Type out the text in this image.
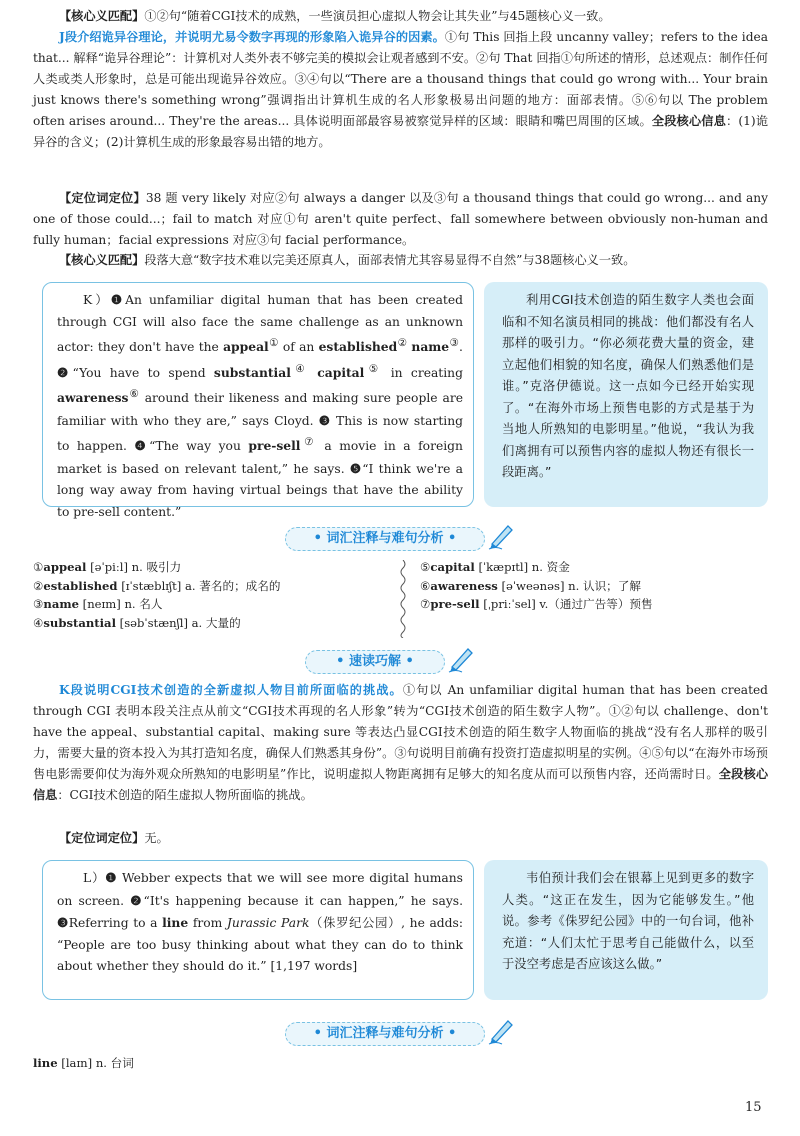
【核心义匹配】①②句“随着CGI技术的成熟，一些演员担心虚拟人物会让其失业”与45题核心义一致。
J段介绍诡异谷理论，并说明尤易令数字再现的形象陷入诡异谷的因素。①句 This 回指上段 uncanny valley；refers to the idea that... 解释“诡异谷理论”：计算机对人类外表不够完美的模拟会让观者感到不安。②句 That 回指①句所述的情形，总述观点：制作任何人类或类人形象时，总是可能出现诡异谷效应。③④句以“There are a thousand things that could go wrong with... Your brain just knows there's something wrong”强调指出计算机生成的名人形象极易出问题的地方：面部表情。⑤⑥句以 The problem often arises around... They're the areas... 具体说明面部最容易被察觉异样的区域：眼睛和嘴巴周围的区域。全段核心信息：(1)诡异谷的含义；(2)计算机生成的形象最容易出错的地方。
【定位词定位】38 题 very likely 对应②句 always a danger 以及③句 a thousand things that could go wrong... and any one of those could...；fail to match 对应①句 aren't quite perfect、fall somewhere between obviously non-human and fully human；facial expressions 对应③句 facial performance。
【核心义匹配】段落大意“数字技术难以完美还原真人，面部表情尤其容易显得不自然”与38题核心义一致。
K）❶An unfamiliar digital human that has been created through CGI will also face the same challenge as an unknown actor: they don't have the appeal① of an established② name③. ❷“You have to spend substantial④ capital⑤ in creating awareness⑥ around their likeness and making sure people are familiar with who they are,” says Cloyd. ❸ This is now starting to happen. ❹“The way you pre-sell⑦ a movie in a foreign market is based on relevant talent,” he says. ❺“I think we're a long way away from having virtual beings that have the ability to pre-sell content.”
利用CGI技术创造的陌生数字人类也会面临和不知名演员相同的挑战：他们都没有名人那样的吸引力。“你必须花费大量的资金，建立起他们相貌的知名度，确保人们熟悉他们是谁。”克洛伊德说。这一点如今已经开始实现了。“在海外市场上预售电影的方式是基于为当地人所熟知的电影明星。”他说，“我认为我们离拥有可以预售内容的虚拟人物还有很长一段距离。”
• 词汇注释与难句分析 •
①appeal [əˈpiːl] n. 吸引力
②established [ɪˈstæblɪʃt] a. 著名的；成名的
③name [neɪm] n. 名人
④substantial [səbˈstænʃl] a. 大量的
⑤capital [ˈkæpɪtl] n. 资金
⑥awareness [əˈweənəs] n. 认识；了解
⑦pre-sell [ˌpriːˈsel] v.（通过广告等）预售
• 速读巧解 •
K段说明CGI技术创造的全新虚拟人物目前所面临的挑战。①句以 An unfamiliar digital human that has been created through CGI 表明本段关注点从前文“CGI技术再现的名人形象”转为“CGI技术创造的陌生数字人物”。①②句以 challenge、don't have the appeal、substantial capital、making sure 等表达凸显CGI技术创造的陌生数字人物面临的挑战“没有名人那样的吸引力，需要大量的资本投入为其打造知名度，确保人们熟悉其身份”。③句说明目前确有投资打造虚拟明星的实例。④⑤句以“在海外市场预售电影需要仰仗为海外观众所熟知的电影明星”作比，说明虚拟人物距离拥有足够大的知名度从而可以预售内容，还尚需时日。全段核心信息：CGI技术创造的陌生虚拟人物所面临的挑战。
【定位词定位】无。
L）❶ Webber expects that we will see more digital humans on screen. ❷“It's happening because it can happen,” he says. ❸Referring to a line from Jurassic Park（侏罗纪公园）, he adds: “People are too busy thinking about what they can do to think about whether they should do it.” [1,197 words]
韦伯预计我们会在银幕上见到更多的数字人类。“这正在发生，因为它能够发生。”他说。参考《侏罗纪公园》中的一句台词，他补充道：“人们太忙于思考自己能做什么，以至于没空考虑是否应该这么做。”
• 词汇注释与难句分析 •
line [laɪn] n. 台词
15
